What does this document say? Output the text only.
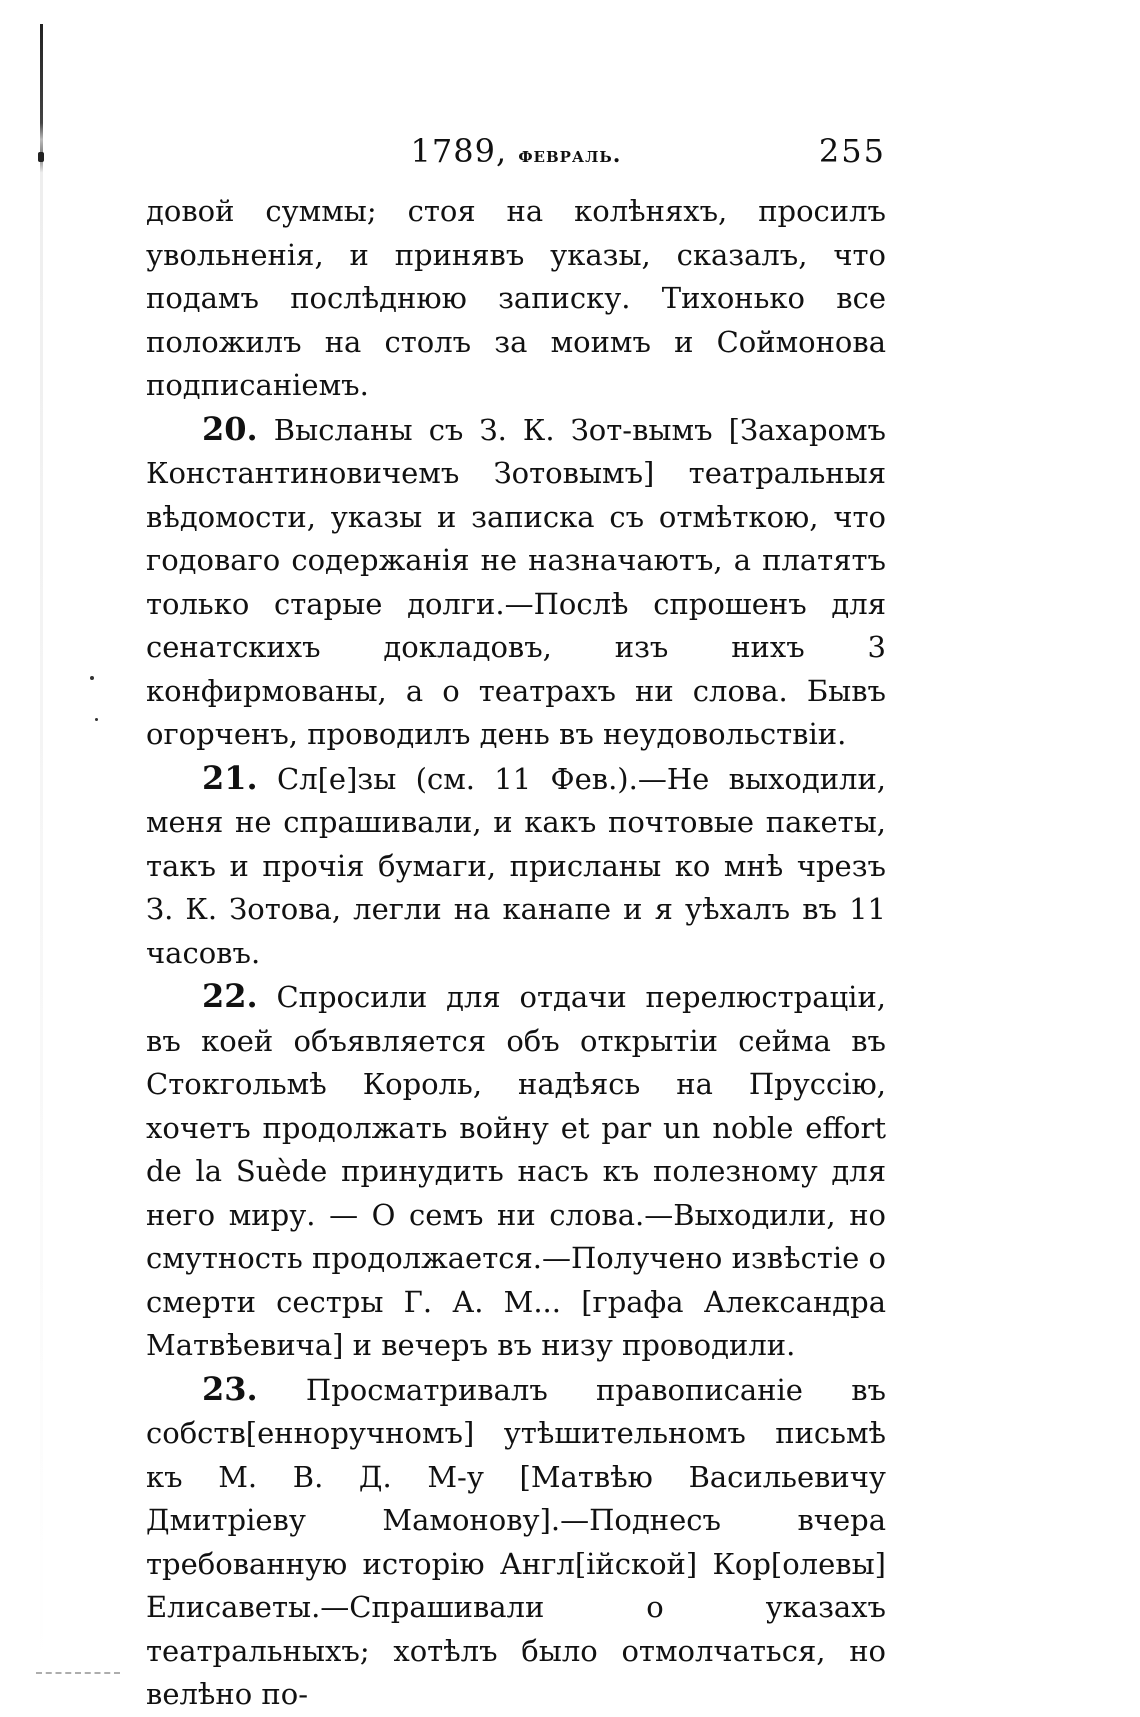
1789, февраль.	255

довой суммы; стоя на колѣняхъ, просилъ увольненія, и принявъ указы, сказалъ, что подамъ послѣднюю записку. Тихонько все положилъ на столъ за моимъ и Соймонова подписаніемъ.

20. Высланы съ З. К. Зот-вымъ [Захаромъ Константиновичемъ Зотовымъ] театральныя вѣдомости, указы и записка съ отмѣткою, что годоваго содержанія не назначаютъ, а платятъ только старые долги.—Послѣ спрошенъ для сенатскихъ докладовъ, изъ нихъ 3 конфирмованы, а о театрахъ ни слова. Бывъ огорченъ, проводилъ день въ неудовольствіи.

21. Сл[е]зы (см. 11 Фев.).—Не выходили, меня не спрашивали, и какъ почтовые пакеты, такъ и прочія бумаги, присланы ко мнѣ чрезъ З. К. Зотова, легли на канапе и я уѣхалъ въ 11 часовъ.

22. Спросили для отдачи перелюстраціи, въ коей объявляется объ открытіи сейма въ Стокгольмѣ Король, надѣясь на Пруссію, хочетъ продолжать войну et par un noble effort de la Suède принудить насъ къ полезному для него миру. — О семъ ни слова.—Выходили, но смутность продолжается.—Получено извѣстіе о смерти сестры Г. А. М... [графа Александра Матвѣевича] и вечеръ въ низу проводили.

23. Просматривалъ правописаніе въ собств[енноручномъ] утѣшительномъ письмѣ къ М. В. Д. М-у [Матвѣю Васильевичу Дмитріеву Мамонову].—Поднесъ вчера требованную исторію Англ[ійской] Кор[олевы] Елисаветы.—Спрашивали о указахъ театральныхъ; хотѣлъ было отмолчаться, но велѣно по-
